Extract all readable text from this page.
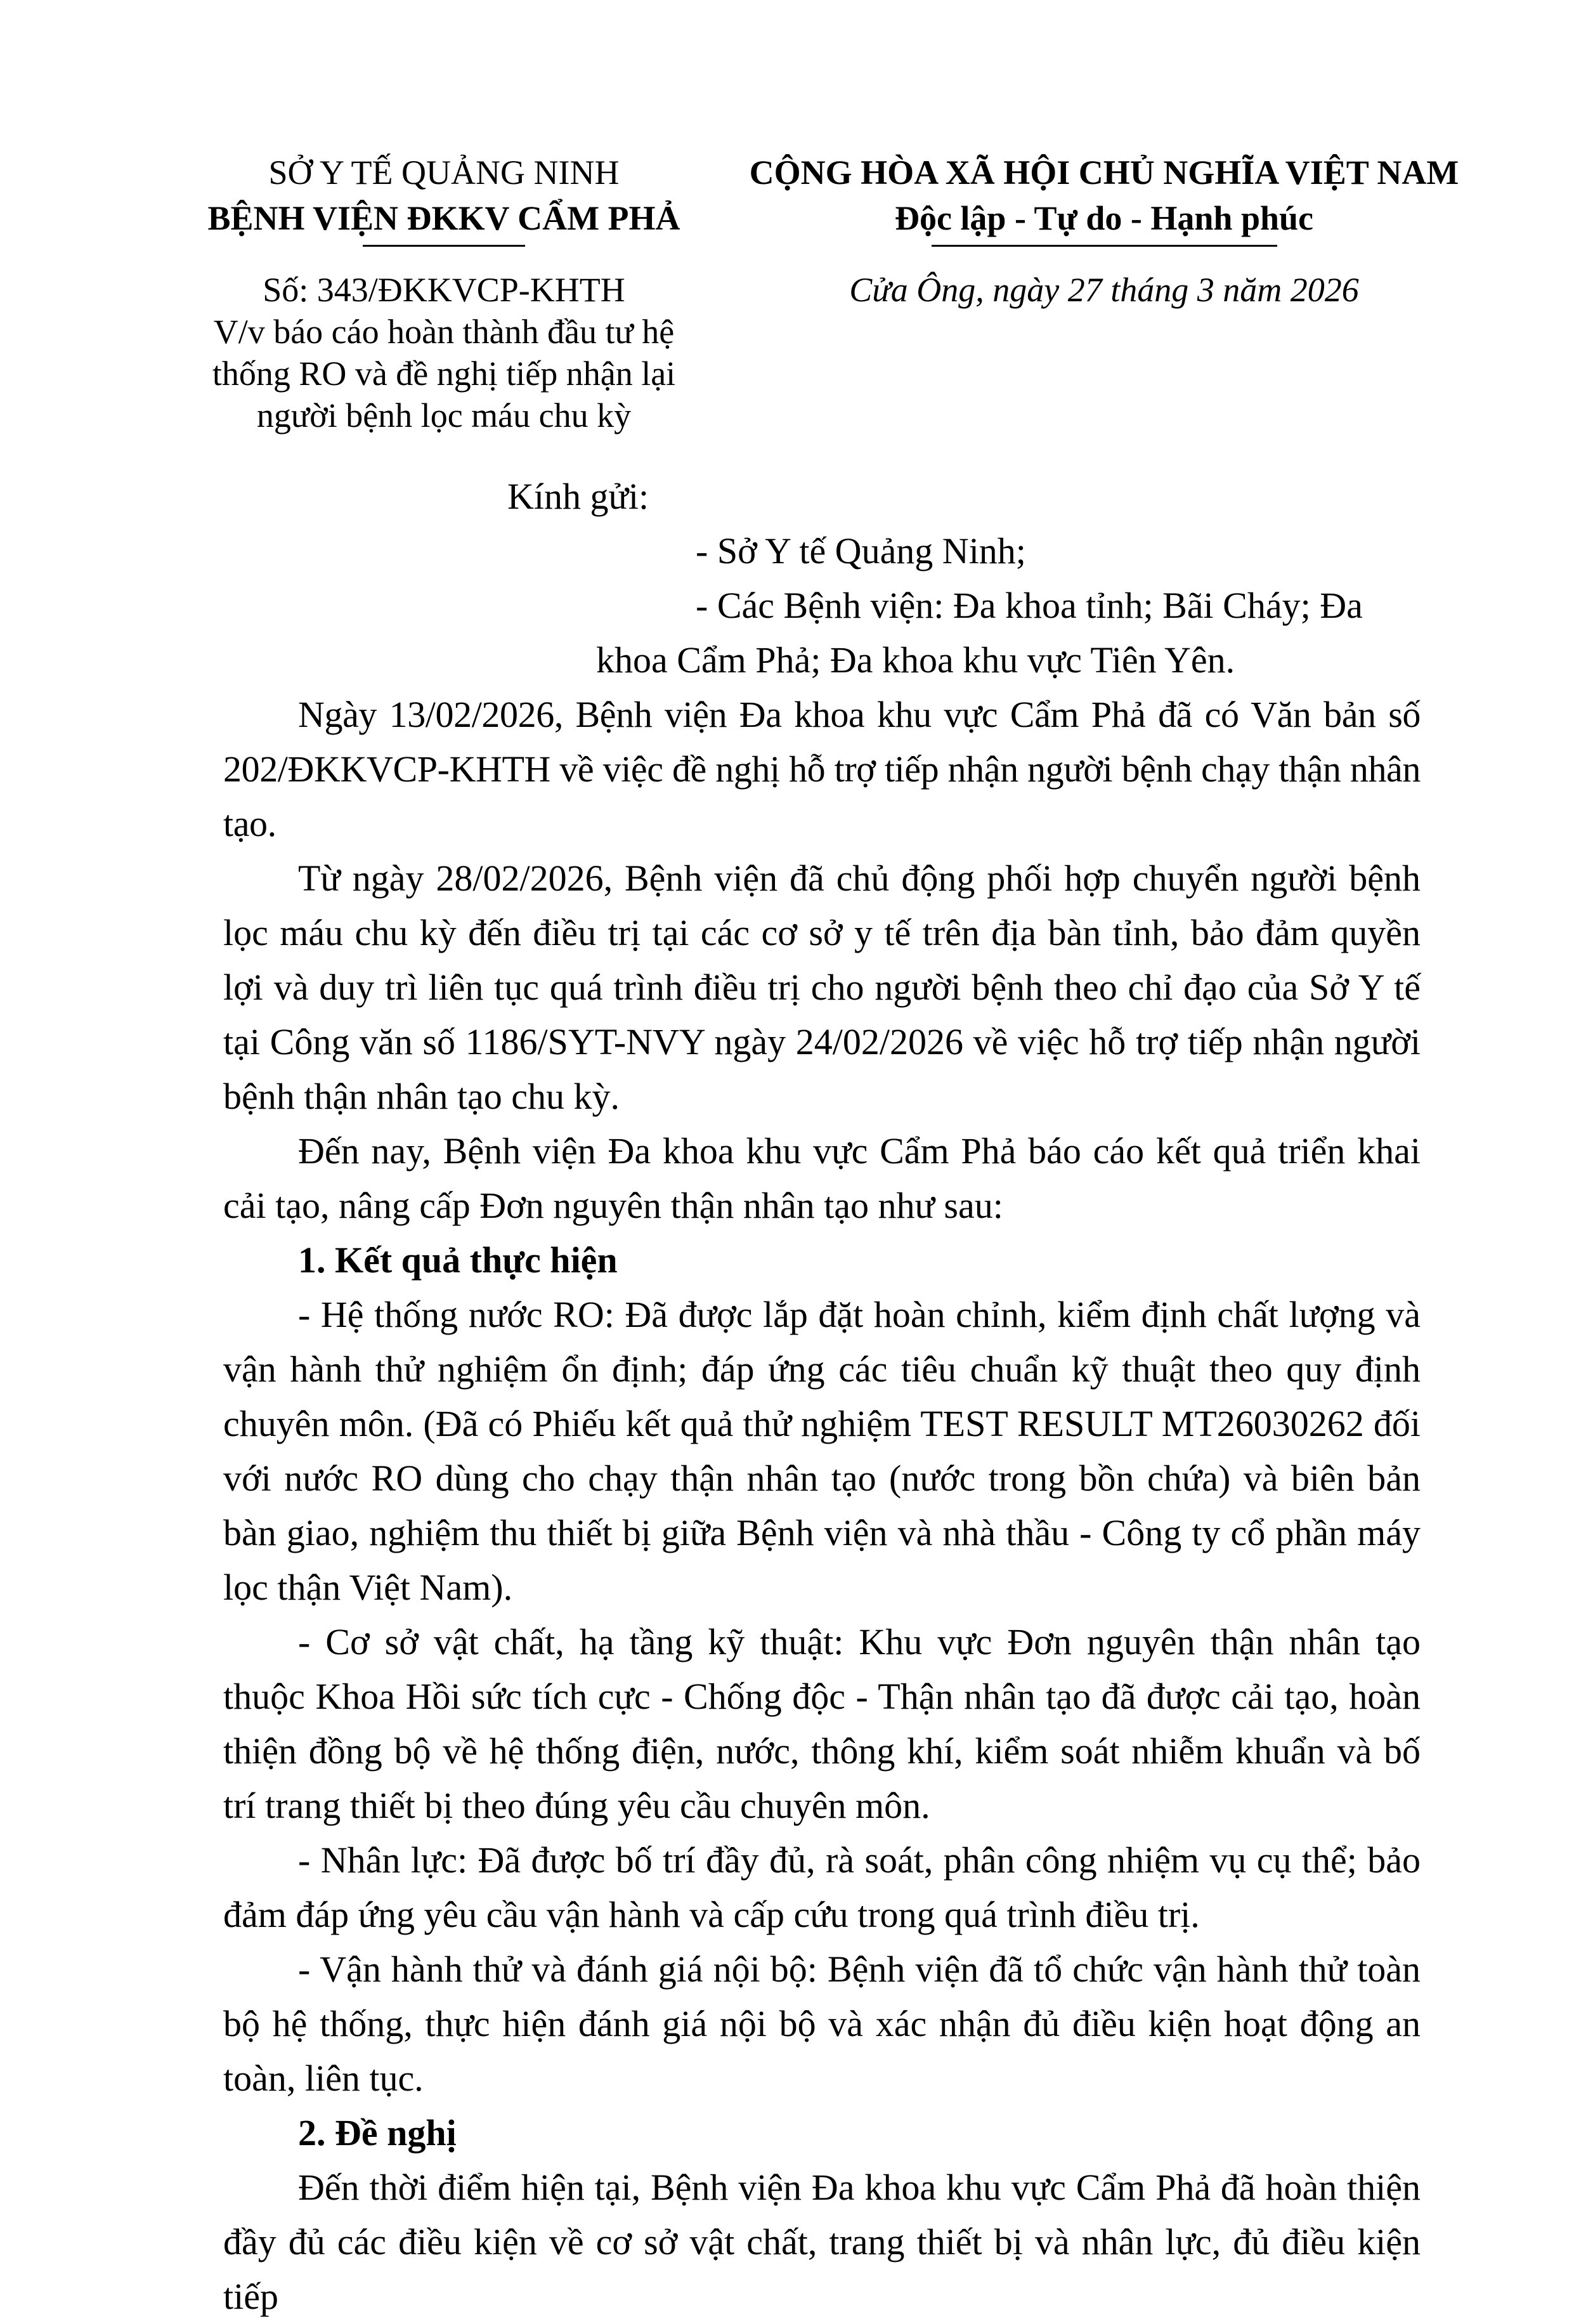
SỞ Y TẾ QUẢNG NINH
BỆNH VIỆN ĐKKV CẨM PHẢ
CỘNG HÒA XÃ HỘI CHỦ NGHĨA VIỆT NAM
Độc lập - Tự do - Hạnh phúc
Số: 343/ĐKKVCP-KHTH
V/v báo cáo hoàn thành đầu tư hệ
thống RO và đề nghị tiếp nhận lại
người bệnh lọc máu chu kỳ
Cửa Ông, ngày 27 tháng 3 năm 2026
Kính gửi:
- Sở Y tế Quảng Ninh;
- Các Bệnh viện: Đa khoa tỉnh; Bãi Cháy; Đa
khoa Cẩm Phả; Đa khoa khu vực Tiên Yên.

Ngày 13/02/2026, Bệnh viện Đa khoa khu vực Cẩm Phả đã có Văn bản số 202/ĐKKVCP-KHTH về việc đề nghị hỗ trợ tiếp nhận người bệnh chạy thận nhân tạo.

Từ ngày 28/02/2026, Bệnh viện đã chủ động phối hợp chuyển người bệnh lọc máu chu kỳ đến điều trị tại các cơ sở y tế trên địa bàn tỉnh, bảo đảm quyền lợi và duy trì liên tục quá trình điều trị cho người bệnh theo chỉ đạo của Sở Y tế tại Công văn số 1186/SYT-NVY ngày 24/02/2026 về việc hỗ trợ tiếp nhận người bệnh thận nhân tạo chu kỳ.

Đến nay, Bệnh viện Đa khoa khu vực Cẩm Phả báo cáo kết quả triển khai cải tạo, nâng cấp Đơn nguyên thận nhân tạo như sau:

1. Kết quả thực hiện

- Hệ thống nước RO: Đã được lắp đặt hoàn chỉnh, kiểm định chất lượng và vận hành thử nghiệm ổn định; đáp ứng các tiêu chuẩn kỹ thuật theo quy định chuyên môn. (Đã có Phiếu kết quả thử nghiệm TEST RESULT MT26030262 đối với nước RO dùng cho chạy thận nhân tạo (nước trong bồn chứa) và biên bản bàn giao, nghiệm thu thiết bị giữa Bệnh viện và nhà thầu - Công ty cổ phần máy lọc thận Việt Nam).

- Cơ sở vật chất, hạ tầng kỹ thuật: Khu vực Đơn nguyên thận nhân tạo thuộc Khoa Hồi sức tích cực - Chống độc - Thận nhân tạo đã được cải tạo, hoàn thiện đồng bộ về hệ thống điện, nước, thông khí, kiểm soát nhiễm khuẩn và bố trí trang thiết bị theo đúng yêu cầu chuyên môn.

- Nhân lực: Đã được bố trí đầy đủ, rà soát, phân công nhiệm vụ cụ thể; bảo đảm đáp ứng yêu cầu vận hành và cấp cứu trong quá trình điều trị.

- Vận hành thử và đánh giá nội bộ: Bệnh viện đã tổ chức vận hành thử toàn bộ hệ thống, thực hiện đánh giá nội bộ và xác nhận đủ điều kiện hoạt động an toàn, liên tục.

2. Đề nghị

Đến thời điểm hiện tại, Bệnh viện Đa khoa khu vực Cẩm Phả đã hoàn thiện đầy đủ các điều kiện về cơ sở vật chất, trang thiết bị và nhân lực, đủ điều kiện tiếp
